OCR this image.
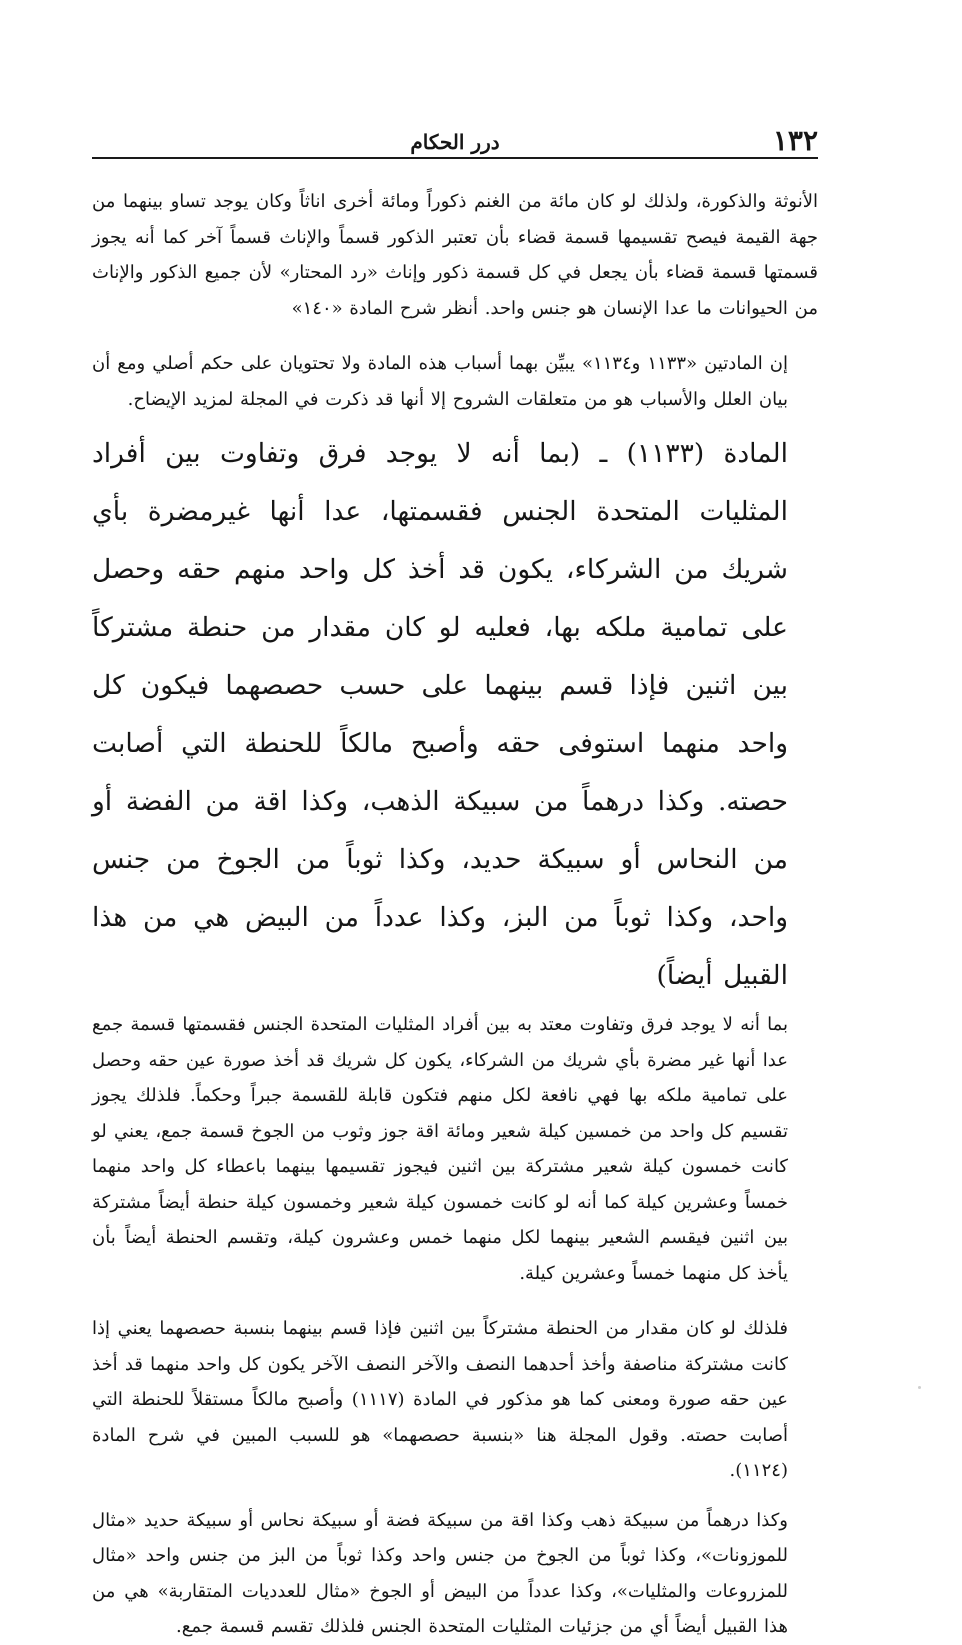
١٣٢
درر الحكام

الأنوثة والذكورة، ولذلك لو كان مائة من الغنم ذكوراً ومائة أخرى اناثاً وكان يوجد تساو بينهما من جهة القيمة فيصح تقسيمها قسمة قضاء بأن تعتبر الذكور قسماً والإناث قسماً آخر كما أنه يجوز قسمتها قسمة قضاء بأن يجعل في كل قسمة ذكور وإناث «رد المحتار» لأن جميع الذكور والإناث من الحيوانات ما عدا الإنسان هو جنس واحد. أنظر شرح المادة «١٤٠»

إن المادتين «١١٣٣ و١١٣٤» يبيِّن بهما أسباب هذه المادة ولا تحتويان على حكم أصلي ومع أن بيان العلل والأسباب هو من متعلقات الشروح إلا أنها قد ذكرت في المجلة لمزيد الإيضاح.

المادة (١١٣٣) ـ (بما أنه لا يوجد فرق وتفاوت بين أفراد المثليات المتحدة الجنس فقسمتها، عدا أنها غيرمضرة بأي شريك من الشركاء، يكون قد أخذ كل واحد منهم حقه وحصل على تمامية ملكه بها، فعليه لو كان مقدار من حنطة مشتركاً بين اثنين فإذا قسم بينهما على حسب حصصهما فيكون كل واحد منهما استوفى حقه وأصبح مالكاً للحنطة التي أصابت حصته. وكذا درهماً من سبيكة الذهب، وكذا اقة من الفضة أو من النحاس أو سبيكة حديد، وكذا ثوباً من الجوخ من جنس واحد، وكذا ثوباً من البز، وكذا عدداً من البيض هي من هذا القبيل أيضاً)

بما أنه لا يوجد فرق وتفاوت معتد به بين أفراد المثليات المتحدة الجنس فقسمتها قسمة جمع عدا أنها غير مضرة بأي شريك من الشركاء، يكون كل شريك قد أخذ صورة عين حقه وحصل على تمامية ملكه بها فهي نافعة لكل منهم فتكون قابلة للقسمة جبراً وحكماً. فلذلك يجوز تقسيم كل واحد من خمسين كيلة شعير ومائة اقة جوز وثوب من الجوخ قسمة جمع، يعني لو كانت خمسون كيلة شعير مشتركة بين اثنين فيجوز تقسيمها بينهما باعطاء كل واحد منهما خمساً وعشرين كيلة كما أنه لو كانت خمسون كيلة شعير وخمسون كيلة حنطة أيضاً مشتركة بين اثنين فيقسم الشعير بينهما لكل منهما خمس وعشرون كيلة، وتقسم الحنطة أيضاً بأن يأخذ كل منهما خمساً وعشرين كيلة.

فلذلك لو كان مقدار من الحنطة مشتركاً بين اثنين فإذا قسم بينهما بنسبة حصصهما يعني إذا كانت مشتركة مناصفة وأخذ أحدهما النصف والآخر النصف الآخر يكون كل واحد منهما قد أخذ عين حقه صورة ومعنى كما هو مذكور في المادة (١١١٧) وأصبح مالكاً مستقلاً للحنطة التي أصابت حصته. وقول المجلة هنا «بنسبة حصصهما» هو للسبب المبين في شرح المادة (١١٢٤).

وكذا درهماً من سبيكة ذهب وكذا اقة من سبيكة فضة أو سبيكة نحاس أو سبيكة حديد «مثال للموزونات»، وكذا ثوباً من الجوخ من جنس واحد وكذا ثوباً من البز من جنس واحد «مثال للمزروعات والمثليات»، وكذا عدداً من البيض أو الجوخ «مثال للعدديات المتقاربة» هي من هذا القبيل أيضاً أي من جزئيات المثليات المتحدة الجنس فلذلك تقسم قسمة جمع.
